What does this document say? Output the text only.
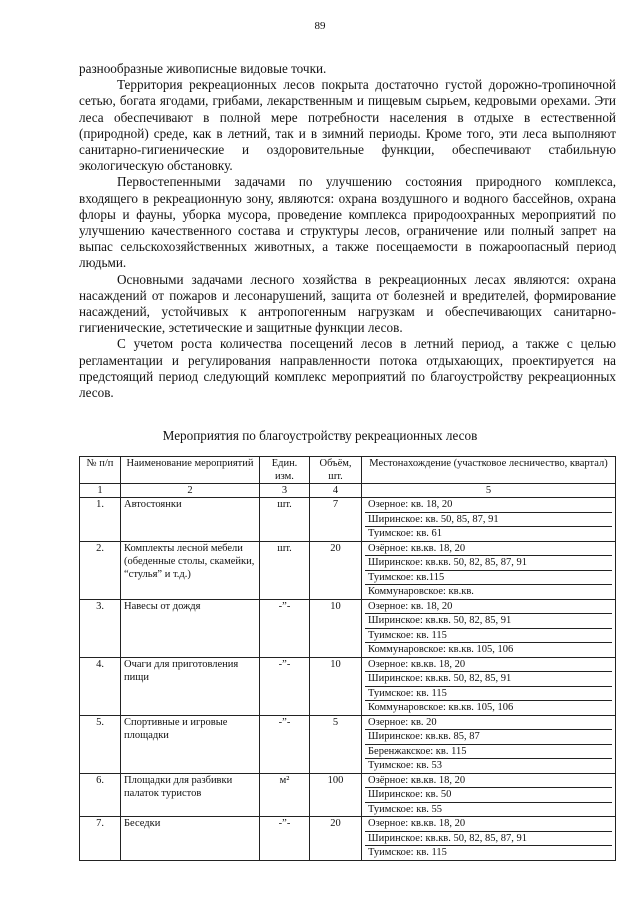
89

разнообразные живописные видовые точки.

Территория рекреационных лесов покрыта достаточно густой дорожно-тропиночной сетью, богата ягодами, грибами, лекарственным и пищевым сырьем, кедровыми орехами. Эти леса обеспечивают в полной мере потребности населения в отдыхе в естественной (природной) среде, как в летний, так и в зимний периоды. Кроме того, эти леса выполняют санитарно-гигиенические и оздоровительные функции, обеспечивают стабильную экологическую обстановку.

Первостепенными задачами по улучшению состояния природного комплекса, входящего в рекреационную зону, являются: охрана воздушного и водного бассейнов, охрана флоры и фауны, уборка мусора, проведение комплекса природоохранных мероприятий по улучшению качественного состава и структуры лесов, ограничение или полный запрет на выпас сельскохозяйственных животных, а также посещаемости в пожароопасный период людьми.

Основными задачами лесного хозяйства в рекреационных лесах являются: охрана насаждений от пожаров и лесонарушений, защита от болезней и вредителей, формирование насаждений, устойчивых к антропогенным нагрузкам и обеспечивающих санитарно-гигиенические, эстетические и защитные функции лесов.

С учетом роста количества посещений лесов в летний период, а также с целью регламентации и регулирования направленности потока отдыхающих, проектируется на предстоящий период следующий комплекс мероприятий по благоустройству рекреационных лесов.

Мероприятия по благоустройству рекреационных лесов
№ п/п	Наименование мероприятий	Един. изм.	Объём, шт.	Местонахождение (участковое лесничество, квартал)
1	2	3	4	5
1.	Автостоянки	шт.	7	Озерное: кв. 18, 20
Ширинское: кв. 50, 85, 87, 91
Туимское: кв. 61

2.	Комплекты лесной мебели (обеденные столы, скамейки, “стулья” и т.д.)	шт.	20	Озёрное: кв.кв. 18, 20
Ширинское: кв.кв. 50, 82, 85, 87, 91
Туимское: кв.115
Коммунаровское: кв.кв.

3.	Навесы от дождя	-”-	10	Озерное: кв. 18, 20
Ширинское: кв.кв. 50, 82, 85, 91
Туимское: кв. 115
Коммунаровское: кв.кв. 105, 106

4.	Очаги для приготовления пищи	-”-	10	Озерное: кв.кв. 18, 20
Ширинское: кв.кв. 50, 82, 85, 91
Туимское: кв. 115
Коммунаровское: кв.кв. 105, 106

5.	Спортивные и игровые площадки	-”-	5	Озерное: кв. 20
Ширинское: кв.кв. 85, 87
Беренжакское: кв. 115
Туимское: кв. 53

6.	Площадки для разбивки палаток туристов	м²	100	Озёрное: кв.кв. 18, 20
Ширинское: кв. 50
Туимское: кв. 55

7.	Беседки	-”-	20	Озерное: кв.кв. 18, 20
Ширинское: кв.кв. 50, 82, 85, 87, 91
Туимское: кв. 115
